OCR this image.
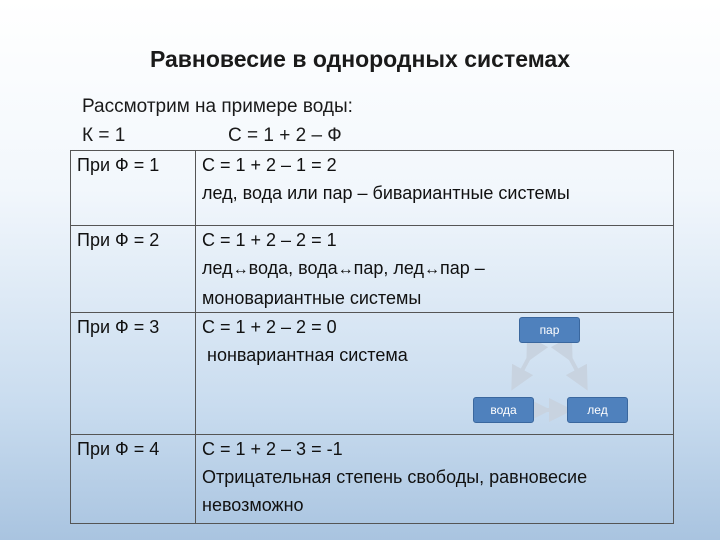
Равновесие в однородных системах
Рассмотрим на примере воды:
К = 1	С = 1 + 2 – Ф
При Ф = 1	С = 1 + 2 – 1 = 2
лед, вода или пар – бивариантные системы

При Ф = 2	С = 1 + 2 – 2 = 1
лед↔вода, вода↔пар, лед↔пар –
моновариантные системы

При Ф = 3	С = 1 + 2 – 2 = 0
нонвариантная система

При Ф = 4	С = 1 + 2 – 3 = -1
Отрицательная степень свободы, равновесие невозможно
пар
вода	лед
